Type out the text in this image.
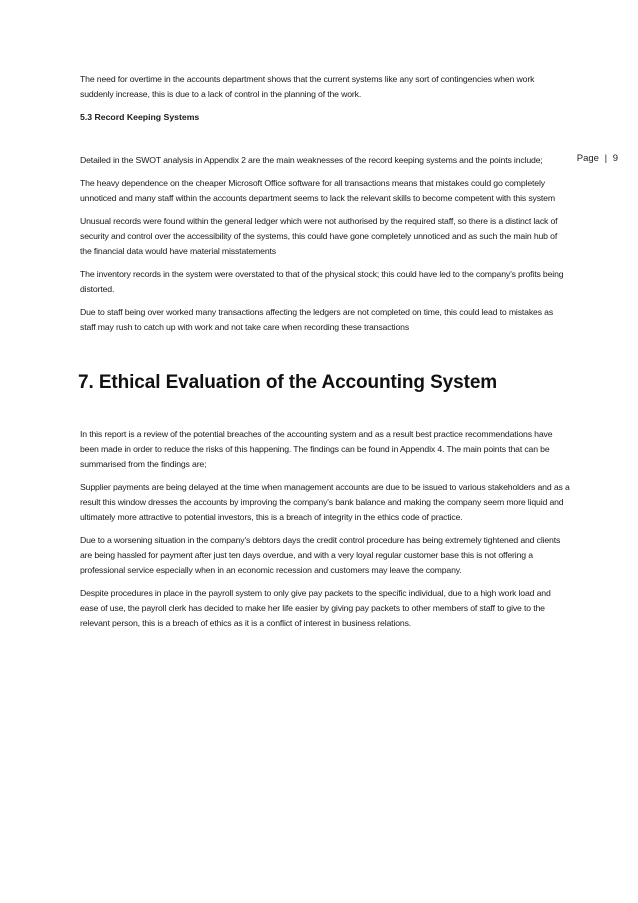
Page | 9

The need for overtime in the accounts department shows that the current systems like any sort of contingencies when work suddenly increase, this is due to a lack of control in the planning of the work.

5.3 Record Keeping Systems

Detailed in the SWOT analysis in Appendix 2 are the main weaknesses of the record keeping systems and the points include;

The heavy dependence on the cheaper Microsoft Office software for all transactions means that mistakes could go completely unnoticed and many staff within the accounts department seems to lack the relevant skills to become competent with this system

Unusual records were found within the general ledger which were not authorised by the required staff, so there is a distinct lack of security and control over the accessibility of the systems, this could have gone completely unnoticed and as such the main hub of the financial data would have material misstatements

The inventory records in the system were overstated to that of the physical stock; this could have led to the company's profits being distorted.

Due to staff being over worked many transactions affecting the ledgers are not completed on time, this could lead to mistakes as staff may rush to catch up with work and not take care when recording these transactions

7. Ethical Evaluation of the Accounting System

In this report is a review of the potential breaches of the accounting system and as a result best practice recommendations have been made in order to reduce the risks of this happening. The findings can be found in Appendix 4. The main points that can be summarised from the findings are;

Supplier payments are being delayed at the time when management accounts are due to be issued to various stakeholders and as a result this window dresses the accounts by improving the company's bank balance and making the company seem more liquid and ultimately more attractive to potential investors, this is a breach of integrity in the ethics code of practice.

Due to a worsening situation in the company's debtors days the credit control procedure has being extremely tightened and clients are being hassled for payment after just ten days overdue, and with a very loyal regular customer base this is not offering a professional service especially when in an economic recession and customers may leave the company.

Despite procedures in place in the payroll system to only give pay packets to the specific individual, due to a high work load and ease of use, the payroll clerk has decided to make her life easier by giving pay packets to other members of staff to give to the relevant person, this is a breach of ethics as it is a conflict of interest in business relations.
